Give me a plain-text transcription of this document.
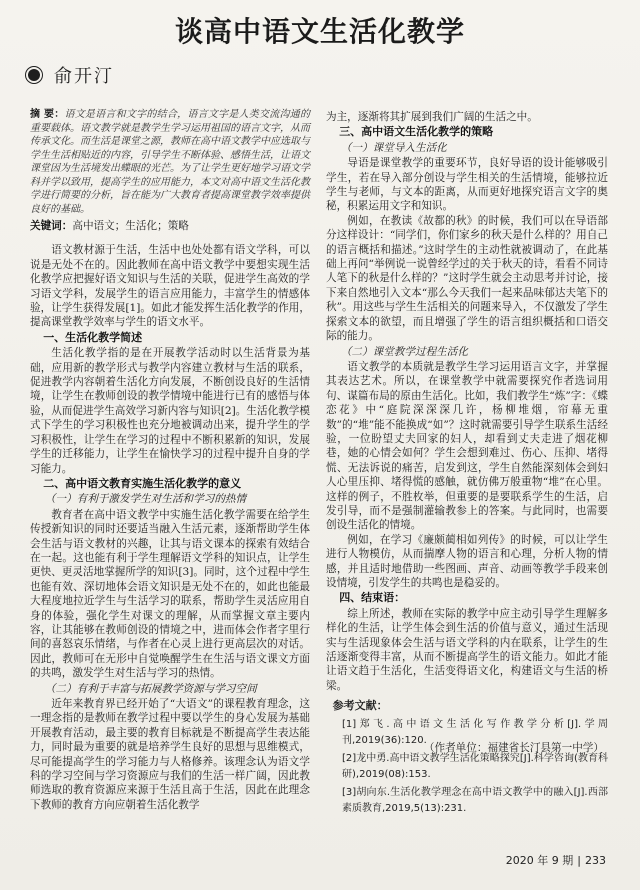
谈高中语文生活化教学
俞开汀
摘 要：语文是语言和文字的结合，语言文字是人类交流沟通的重要载体。语文教学就是教学生学习运用祖国的语言文字，从而传承文化。而生活是课堂之源，教师在高中语文教学中应选取与学生生活相贴近的内容，引导学生不断体验、感悟生活，让语文课堂因为生活境发出蝶眼的光芒。为了让学生更好地学习语文学科并学以致用，提高学生的应用能力，本文对高中语文生活化教学进行简要的分析，旨在能为广大教育者提高课堂教学效率提供良好的基础。
关键词：高中语文；生活化；策略

语文教材源于生活，生活中也处处都有语文学科，可以说是无处不在的。因此教师在高中语文教学中要想实现生活化教学应把握好语文知识与生活的关联，促进学生高效的学习语文学科，发展学生的语言应用能力，丰富学生的情感体验，让学生获得发展[1]。如此才能发挥生活化教学的作用，提高课堂教学效率与学生的语文水平。

一、生活化教学简述

生活化教学指的是在开展教学活动时以生活背景为基础，应用新的教学形式与教学内容建立教材与生活的联系，促进教学内容朝着生活化方向发展，不断创设良好的生活情境，让学生在教师创设的教学情境中能进行已有的感悟与体验，从而促进学生高效学习新内容与知识[2]。生活化教学模式下学生的学习积极性也充分地被调动出来，提升学生的学习积极性，让学生在学习的过程中不断积累新的知识，发展学生的迁移能力，让学生在愉快学习的过程中提升自身的学习能力。

二、高中语文教育实施生活化教学的意义
（一）有利于激发学生对生活和学习的热情

教育者在高中语文教学中实施生活化教学需要在给学生传授新知识的同时还要适当融入生活元素，逐渐帮助学生体会生活与语文教材的兴趣，让其与语文课本的探索有效结合在一起。这也能有利于学生理解语文学科的知识点，让学生更快、更灵活地掌握所学的知识[3]。同时，这个过程中学生也能有效、深切地体会语文知识是无处不在的，如此也能最大程度地拉近学生与生活学习的联系，帮助学生灵活应用自身的体验，强化学生对课文的理解，从而掌握文章主要内容，让其能够在教师创设的情境之中，进而体会作者字里行间的喜怒哀乐情绪，与作者在心灵上进行更高层次的对话。因此，教师可在无形中自觉唤醒学生在生活与语文课文方面的共鸣，激发学生对生活与学习的热情。

（二）有利于丰富与拓展教学资源与学习空间

近年来教育界已经开始了“大语文”的课程教育理念，这一理念指的是教师在教学过程中要以学生的身心发展为基础开展教育活动，最主要的教育目标就是不断提高学生表达能力，同时最为重要的就是培养学生良好的思想与思维模式，尽可能提高学生的学习能力与人格修养。该理念认为语文学科的学习空间与学习资源应与我们的生活一样广阔，因此教师选取的教育资源应来源于生活且高于生活，因此在此理念下教师的教育方向应朝着生活化教学

为主，逐渐将其扩展到我们广阔的生活之中。

三、高中语文生活化教学的策略
（一）课堂导入生活化

导语是课堂教学的重要环节，良好导语的设计能够吸引学生，若在导入部分创设与学生相关的生活情境，能够拉近学生与老师，与文本的距离，从而更好地探究语言文字的奥秘，积累运用文字和知识。

例如，在教读《故都的秋》的时候，我们可以在导语部分这样设计：“同学们，你们家乡的秋天是什么样的？用自己的语言概括和描述。”这时学生的主动性就被调动了，在此基础上再问“举例说一说曾经学过的关于秋天的诗，看看不同诗人笔下的秋是什么样的？”这时学生就会主动思考并讨论，接下来自然地引入文本“那么今天我们一起来品味郁达夫笔下的秋”。用这些与学生生活相关的问题来导入，不仅激发了学生探索文本的欲望，而且增强了学生的语言组织概括和口语交际的能力。

（二）课堂教学过程生活化

语文教学的本质就是教学生学习运用语言文字，并掌握其表达艺术。所以，在课堂教学中就需要探究作者选词用句、谋篇布局的原由生活化。比如，我们教学生“炼”字：《蝶恋花》中“庭院深深深几许，杨柳堆烟，帘幕无重数”的“堆”能不能换成“如”？这时就需要引导学生联系生活经验，一位盼望丈夫回家的妇人，却看到丈夫走进了烟花柳巷，她的心情会如何？学生会想到难过、伤心、压抑、堵得慌、无法诉说的痛苦，启发到这，学生自然能深刻体会到妇人心里压抑、堵得慌的感触，就仿佛万般重物“堆”在心里。这样的例子，不胜枚举，但重要的是要联系学生的生活，启发引导，而不是强制灌输教参上的答案。与此同时，也需要创设生活化的情境。

例如，在学习《廉颇蔺相如列传》的时候，可以让学生进行人物模仿，从而揣摩人物的语言和心理，分析人物的情感，并且适时地借助一些图画、声音、动画等教学手段来创设情境，引发学生的共鸣也是稳妥的。

四、结束语：

综上所述，教师在实际的教学中应主动引导学生理解多样化的生活，让学生体会到生活的价值与意义，通过生活现实与生活现象体会生活与语文学科的内在联系，让学生的生活逐渐变得丰富，从而不断提高学生的语文能力。如此才能让语文趋于生活化，生活变得语文化，构建语文与生活的桥梁。

参考文献：
[1]郑飞.高中语文生活化写作教学分析[J].学周刊,2019(36):120.
[2]龙中勇.高中语文教学生活化策略探究[J].科学咨询(教育科研),2019(08):153.
[3]胡向东.生活化教学理念在高中语文教学中的融入[J].西部素质教育,2019,5(13):231.
（作者单位：福建省长汀县第一中学）
2020 年 9 期 | 233
